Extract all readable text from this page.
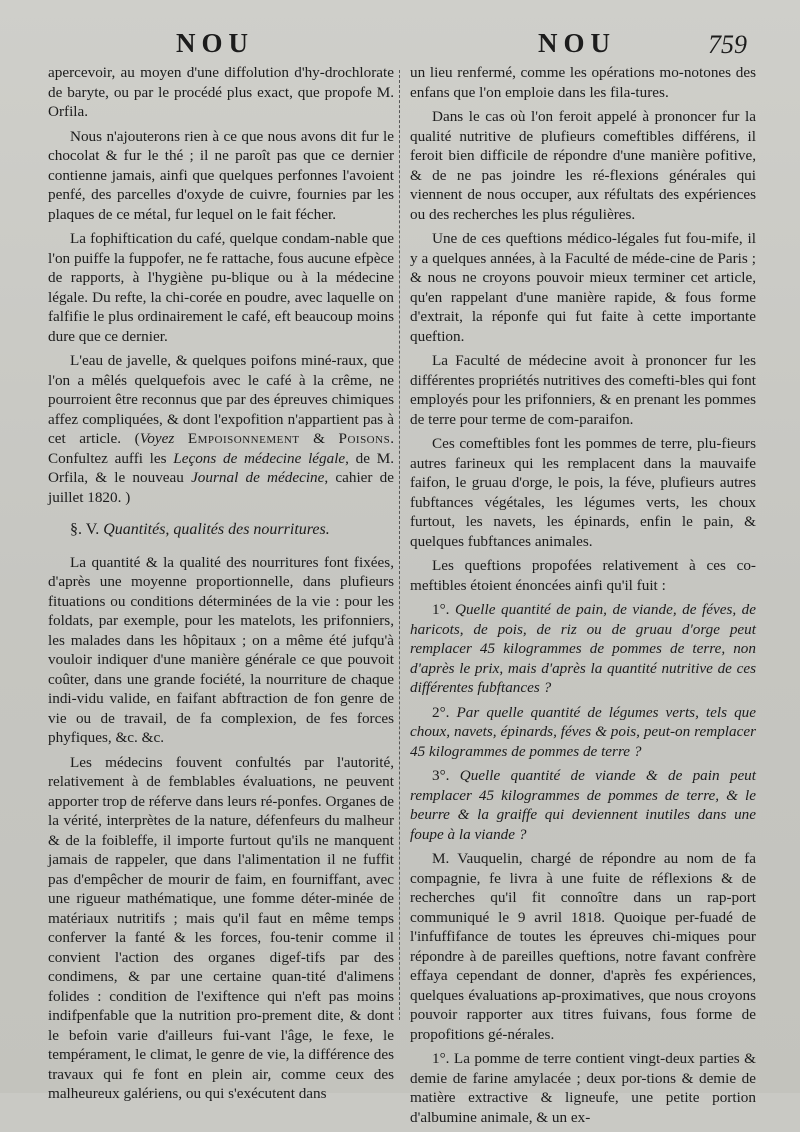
NOU	NOU	759

apercevoir, au moyen d'une diffolution d'hy-drochlorate de baryte, ou par le procédé plus exact, que propofe M. Orfila.

Nous n'ajouterons rien à ce que nous avons dit fur le chocolat & fur le thé ; il ne paroît pas que ce dernier contienne jamais, ainfi que quelques perfonnes l'avoient penfé, des parcelles d'oxyde de cuivre, fournies par les plaques de ce métal, fur lequel on le fait fécher.

La fophiftication du café, quelque condam-nable que l'on puiffe la fuppofer, ne fe rattache, fous aucune efpèce de rapports, à l'hygiène pu-blique ou à la médecine légale. Du refte, la chi-corée en poudre, avec laquelle on falfifie le plus ordinairement le café, eft beaucoup moins dure que ce dernier.

L'eau de javelle, & quelques poifons miné-raux, que l'on a mêlés quelquefois avec le café à la crême, ne pourroient être reconnus que par des épreuves chimiques affez compliquées, & dont l'expofition n'appartient pas à cet article. (Voyez Empoisonnement & Poisons. Confultez auffi les Leçons de médecine légale, de M. Orfila, & le nouveau Journal de médecine, cahier de juillet 1820. )

§. V. Quantités, qualités des nourritures.

La quantité & la qualité des nourritures font fixées, d'après une moyenne proportionnelle, dans plufieurs fituations ou conditions déterminées de la vie : pour les foldats, par exemple, pour les matelots, les prifonniers, les malades dans les hôpitaux ; on a même été jufqu'à vouloir indiquer d'une manière générale ce que pouvoit coûter, dans une grande fociété, la nourriture de chaque indi-vidu valide, en faifant abftraction de fon genre de vie ou de travail, de fa complexion, de fes forces phyfiques, &c. &c.

Les médecins fouvent confultés par l'autorité, relativement à de femblables évaluations, ne peuvent apporter trop de réferve dans leurs ré-ponfes. Organes de la vérité, interprètes de la nature, défenfeurs du malheur & de la foibleffe, il importe furtout qu'ils ne manquent jamais de rappeler, que dans l'alimentation il ne fuffit pas d'empêcher de mourir de faim, en fourniffant, avec une rigueur mathématique, une fomme déter-minée de matériaux nutritifs ; mais qu'il faut en même temps conferver la fanté & les forces, fou-tenir comme il convient l'action des organes digef-tifs par des condimens, & par une certaine quan-tité d'alimens folides : condition de l'exiftence qui n'eft pas moins indifpenfable que la nutrition pro-prement dite, & dont le befoin varie d'ailleurs fui-vant l'âge, le fexe, le tempérament, le climat, le genre de vie, la différence des travaux qui fe font en plein air, comme ceux des malheureux galériens, ou qui s'exécutent dans

un lieu renfermé, comme les opérations mo-notones des enfans que l'on emploie dans les fila-tures.

Dans le cas où l'on feroit appelé à prononcer fur la qualité nutritive de plufieurs comeftibles différens, il feroit bien difficile de répondre d'une manière pofitive, & de ne pas joindre les ré-flexions générales qui viennent de nous occuper, aux réfultats des expériences ou des recherches les plus régulières.

Une de ces queftions médico-légales fut fou-mife, il y a quelques années, à la Faculté de méde-cine de Paris ; & nous ne croyons pouvoir mieux terminer cet article, qu'en rappelant d'une manière rapide, & fous forme d'extrait, la réponfe qui fut faite à cette importante queftion.

La Faculté de médecine avoit à prononcer fur les différentes propriétés nutritives des comefti-bles qui font employés pour les prifonniers, & en prenant les pommes de terre pour terme de com-paraifon.

Ces comeftibles font les pommes de terre, plu-fieurs autres farineux qui les remplacent dans la mauvaife faifon, le gruau d'orge, le pois, la féve, plufieurs autres fubftances végétales, les légumes verts, les choux furtout, les navets, les épinards, enfin le pain, & quelques fubftances animales.

Les queftions propofées relativement à ces co-meftibles étoient énoncées ainfi qu'il fuit :

1°. Quelle quantité de pain, de viande, de féves, de haricots, de pois, de riz ou de gruau d'orge peut remplacer 45 kilogrammes de pommes de terre, non d'après le prix, mais d'après la quantité nutritive de ces différentes fubftances ?

2°. Par quelle quantité de légumes verts, tels que choux, navets, épinards, féves & pois, peut-on remplacer 45 kilogrammes de pommes de terre ?

3°. Quelle quantité de viande & de pain peut remplacer 45 kilogrammes de pommes de terre, & le beurre & la graiffe qui deviennent inutiles dans une foupe à la viande ?

M. Vauquelin, chargé de répondre au nom de fa compagnie, fe livra à une fuite de réflexions & de recherches qu'il fit connoître dans un rap-port communiqué le 9 avril 1818. Quoique per-fuadé de l'infuffifance de toutes les épreuves chi-miques pour répondre à de pareilles queftions, notre favant confrère effaya cependant de donner, d'après fes expériences, quelques évaluations ap-proximatives, que nous croyons pouvoir rapporter aux titres fuivans, fous forme de propofitions gé-nérales.

1°. La pomme de terre contient vingt-deux parties & demie de farine amylacée ; deux por-tions & demie de matière extractive & ligneufe, une petite portion d'albumine animale, & un ex-
